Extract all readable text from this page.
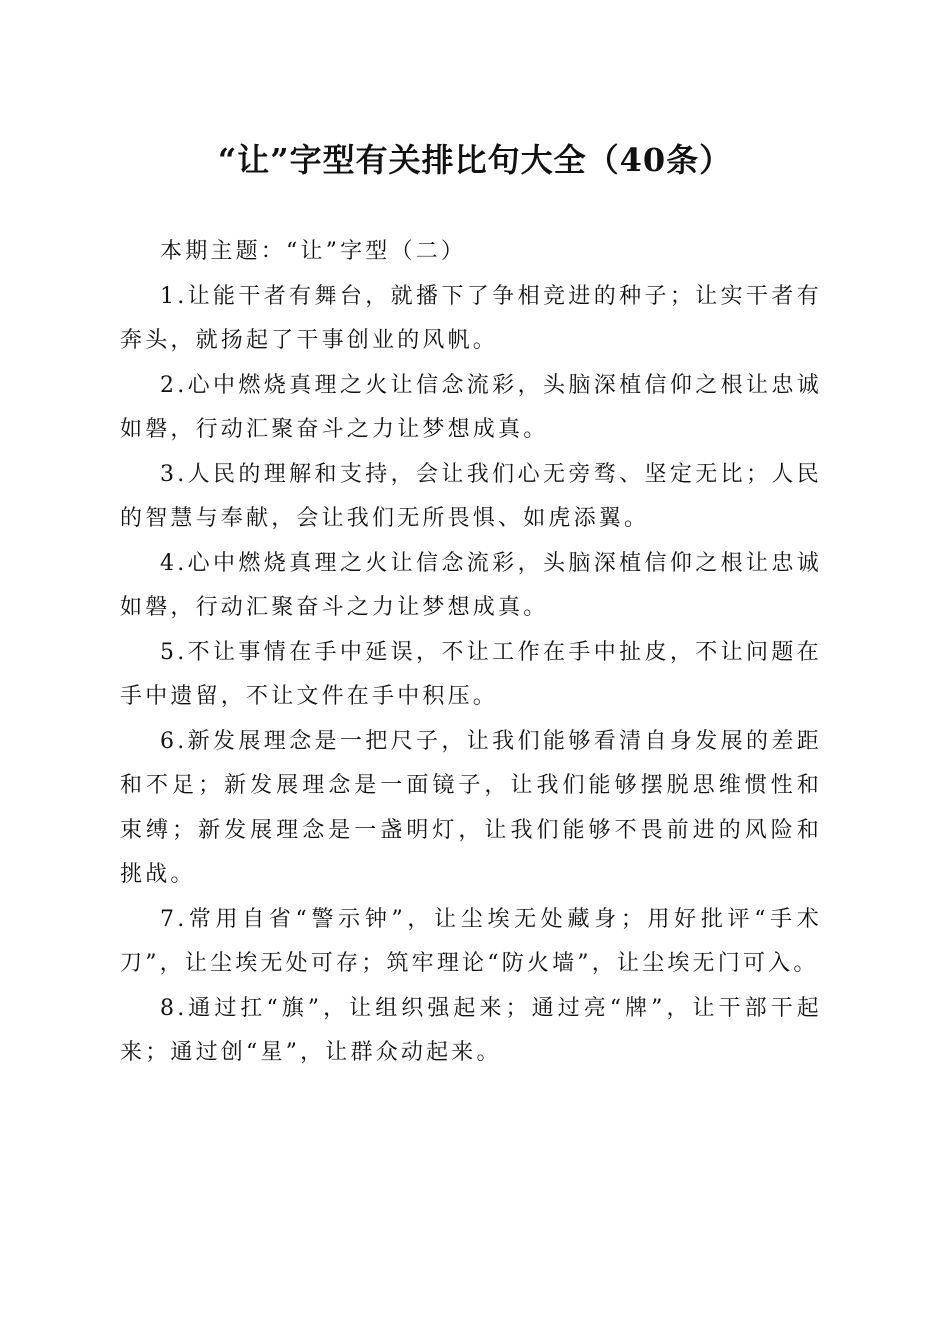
“让”字型有关排比句大全（40条）

本期主题：“让”字型（二）

1.让能干者有舞台，就播下了争相竞进的种子；让实干者有奔头，就扬起了干事创业的风帆。

2.心中燃烧真理之火让信念流彩，头脑深植信仰之根让忠诚如磐，行动汇聚奋斗之力让梦想成真。

3.人民的理解和支持，会让我们心无旁骛、坚定无比；人民的智慧与奉献，会让我们无所畏惧、如虎添翼。

4.心中燃烧真理之火让信念流彩，头脑深植信仰之根让忠诚如磐，行动汇聚奋斗之力让梦想成真。

5.不让事情在手中延误，不让工作在手中扯皮，不让问题在手中遗留，不让文件在手中积压。

6.新发展理念是一把尺子，让我们能够看清自身发展的差距和不足；新发展理念是一面镜子，让我们能够摆脱思维惯性和束缚；新发展理念是一盏明灯，让我们能够不畏前进的风险和挑战。

7.常用自省“警示钟”，让尘埃无处藏身；用好批评“手术刀”，让尘埃无处可存；筑牢理论“防火墙”，让尘埃无门可入。

8.通过扛“旗”，让组织强起来；通过亮“牌”，让干部干起来；通过创“星”，让群众动起来。
